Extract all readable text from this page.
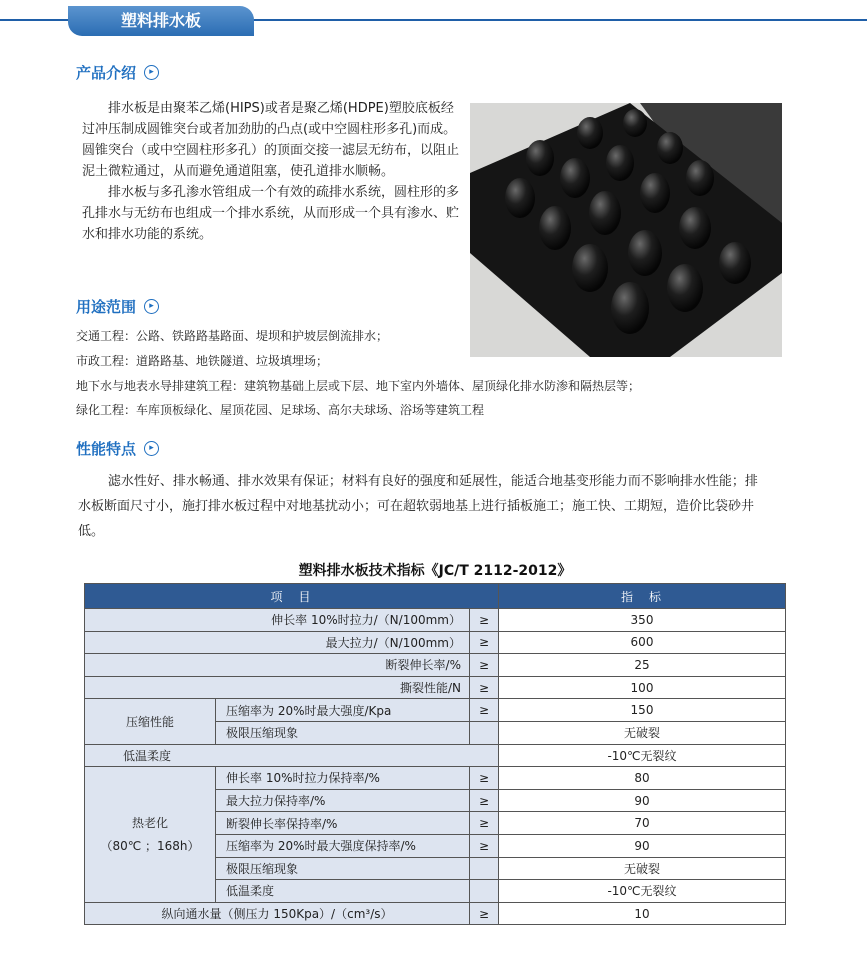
塑料排水板
产品介绍	▸

排水板是由聚苯乙烯(HIPS)或者是聚乙烯(HDPE)塑胶底板经过冲压制成圆锥突台或者加劲肋的凸点(或中空圆柱形多孔)而成。圆锥突台（或中空圆柱形多孔）的顶面交接一滤层无纺布，以阻止泥土微粒通过，从而避免通道阻塞，使孔道排水顺畅。

排水板与多孔渗水管组成一个有效的疏排水系统，圆柱形的多孔排水与无纺布也组成一个排水系统，从而形成一个具有渗水、贮水和排水功能的系统。

用途范围	▸
交通工程：公路、铁路路基路面、堤坝和护坡层倒流排水；
市政工程：道路路基、地铁隧道、垃圾填埋场；
地下水与地表水导排建筑工程：建筑物基础上层或下层、地下室内外墙体、屋顶绿化排水防渗和隔热层等；
绿化工程：车库顶板绿化、屋顶花园、足球场、高尔夫球场、浴场等建筑工程
性能特点	▸

滤水性好、排水畅通、排水效果有保证；材料有良好的强度和延展性，能适合地基变形能力而不影响排水性能；排水板断面尺寸小，施打排水板过程中对地基扰动小；可在超软弱地基上进行插板施工；施工快、工期短，造价比袋砂井低。

塑料排水板技术指标《JC/T 2112-2012》
项　目			指　标
伸长率 10%时拉力/（N/100mm）		≥	350
最大拉力/（N/100mm）		≥	600
断裂伸长率/%		≥	25
撕裂性能/N		≥	100
压缩性能	压缩率为 20%时最大强度/Kpa	≥	150
	极限压缩现象		无破裂
低温柔度			-10℃无裂纹

热老化
（80℃ ；168h）	伸长率 10%时拉力保持率/%	≥	80
	最大拉力保持率/%	≥	90
	断裂伸长率保持率/%	≥	70
	压缩率为 20%时最大强度保持率/%	≥	90
	极限压缩现象		无破裂
	低温柔度		-10℃无裂纹
纵向通水量（侧压力 150Kpa）/（cm³/s）		≥	10
